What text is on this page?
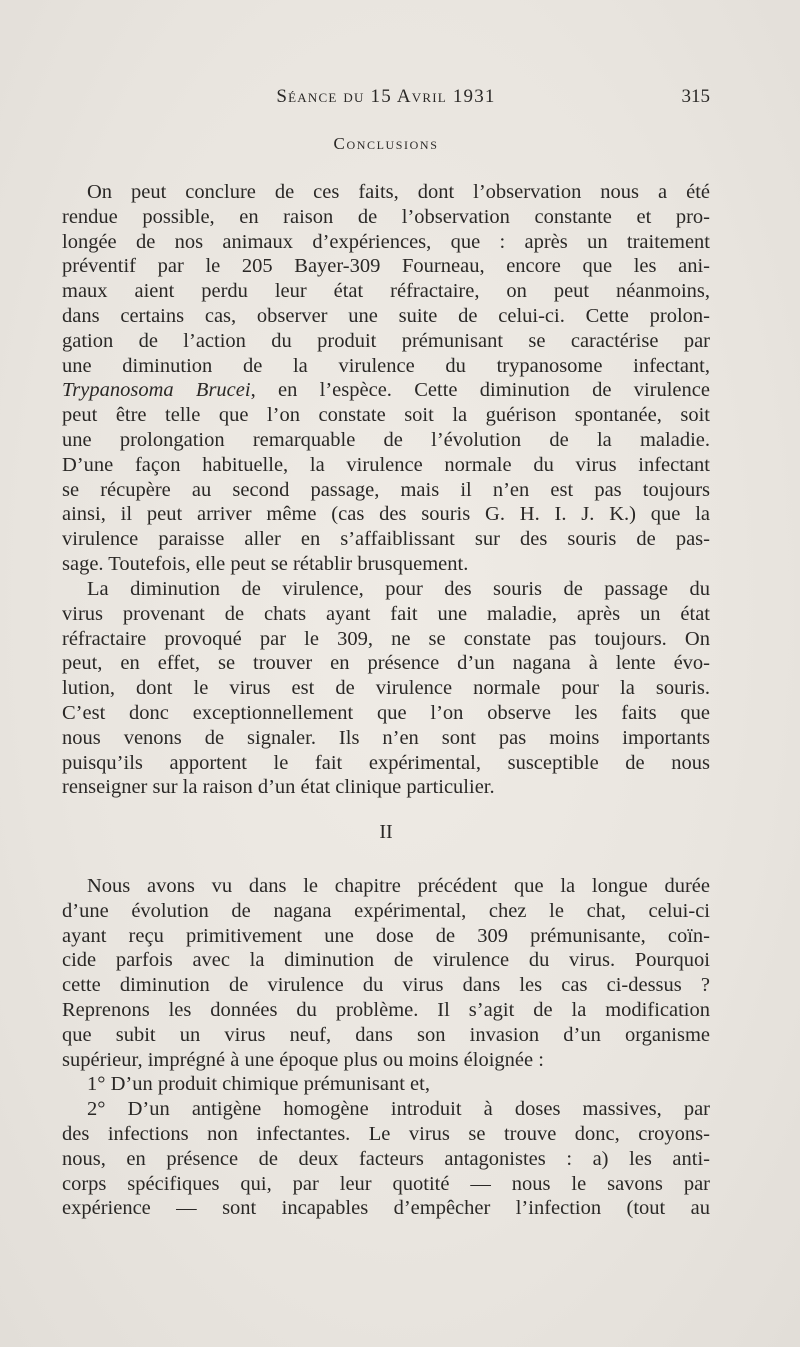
Séance du 15 Avril 1931	315
Conclusions
On peut conclure de ces faits, dont l’observation nous a été
rendue possible, en raison de l’observation constante et pro-
longée de nos animaux d’expériences, que : après un traitement
préventif par le 205 Bayer-309 Fourneau, encore que les ani-
maux aient perdu leur état réfractaire, on peut néanmoins,
dans certains cas, observer une suite de celui-ci. Cette prolon-
gation de l’action du produit prémunisant se caractérise par
une diminution de la virulence du trypanosome infectant,
Trypanosoma Brucei, en l’espèce. Cette diminution de virulence
peut être telle que l’on constate soit la guérison spontanée, soit
une prolongation remarquable de l’évolution de la maladie.
D’une façon habituelle, la virulence normale du virus infectant
se récupère au second passage, mais il n’en est pas toujours
ainsi, il peut arriver même (cas des souris G. H. I. J. K.) que la
virulence paraisse aller en s’affaiblissant sur des souris de pas-
sage. Toutefois, elle peut se rétablir brusquement.
La diminution de virulence, pour des souris de passage du
virus provenant de chats ayant fait une maladie, après un état
réfractaire provoqué par le 309, ne se constate pas toujours. On
peut, en effet, se trouver en présence d’un nagana à lente évo-
lution, dont le virus est de virulence normale pour la souris.
C’est donc exceptionnellement que l’on observe les faits que
nous venons de signaler. Ils n’en sont pas moins importants
puisqu’ils apportent le fait expérimental, susceptible de nous
renseigner sur la raison d’un état clinique particulier.
II
Nous avons vu dans le chapitre précédent que la longue durée
d’une évolution de nagana expérimental, chez le chat, celui-ci
ayant reçu primitivement une dose de 309 prémunisante, coïn-
cide parfois avec la diminution de virulence du virus. Pourquoi
cette diminution de virulence du virus dans les cas ci-dessus ?
Reprenons les données du problème. Il s’agit de la modification
que subit un virus neuf, dans son invasion d’un organisme
supérieur, imprégné à une époque plus ou moins éloignée :
1° D’un produit chimique prémunisant et,
2° D’un antigène homogène introduit à doses massives, par
des infections non infectantes. Le virus se trouve donc, croyons-
nous, en présence de deux facteurs antagonistes : a) les anti-
corps spécifiques qui, par leur quotité — nous le savons par
expérience — sont incapables d’empêcher l’infection (tout au
